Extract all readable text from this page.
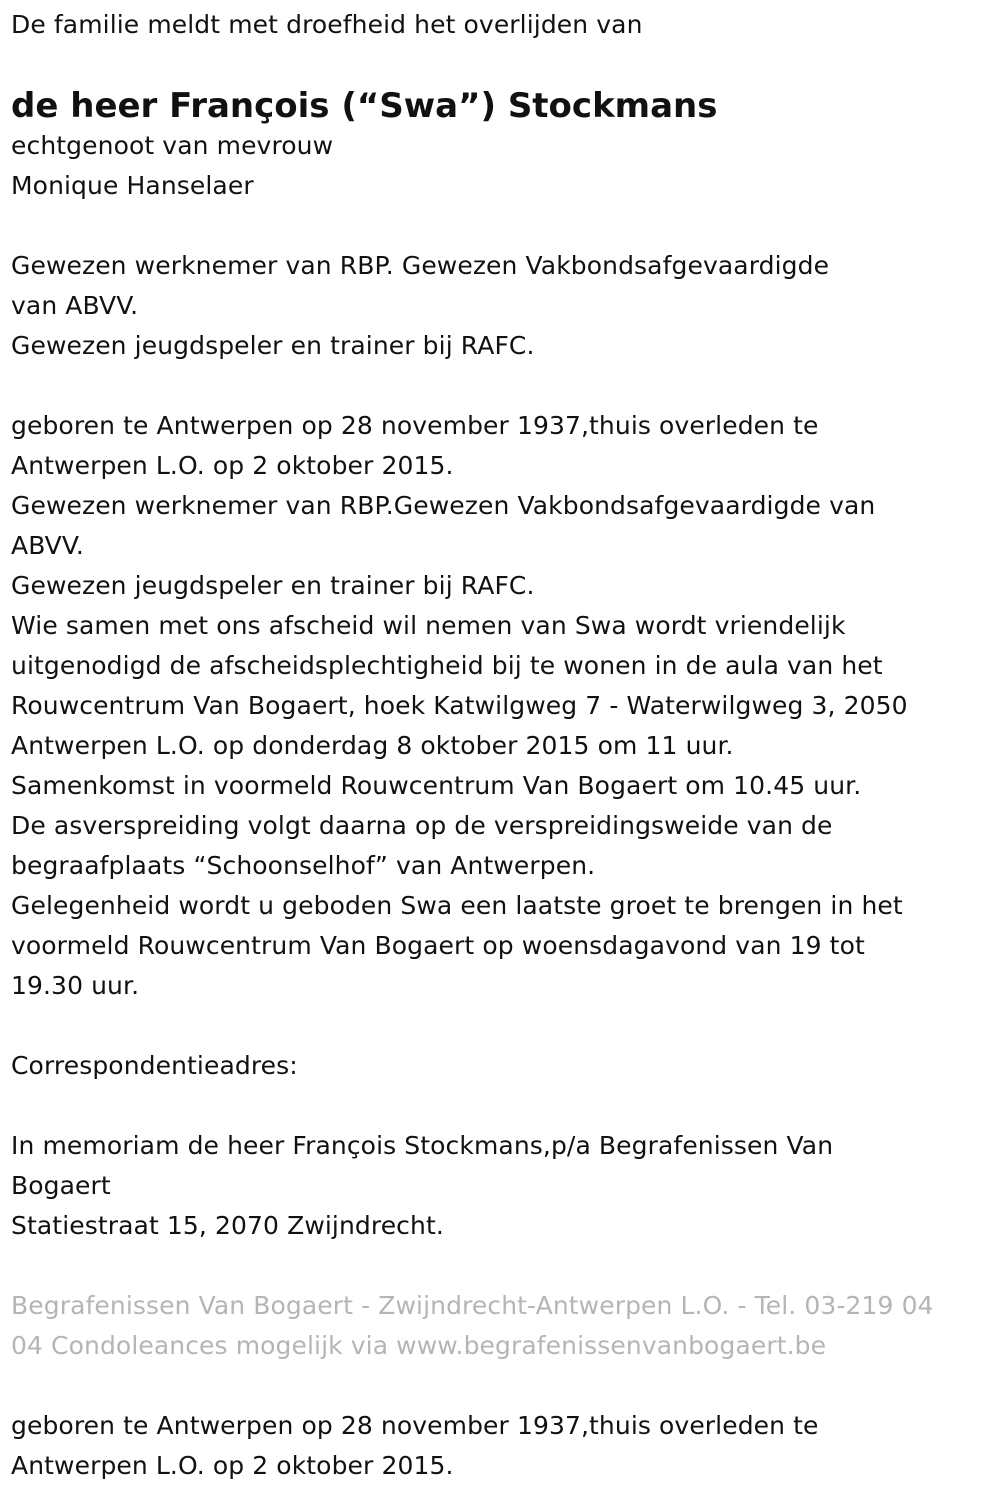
De familie meldt met droefheid het overlijden van
de heer François (“Swa”) Stockmans
echtgenoot van mevrouw
Monique Hanselaer
Gewezen werknemer van RBP. Gewezen Vakbondsafgevaardigde
van ABVV.
Gewezen jeugdspeler en trainer bij RAFC.
geboren te Antwerpen op 28 november 1937,thuis overleden te
Antwerpen L.O. op 2 oktober 2015.
Gewezen werknemer van RBP.Gewezen Vakbondsafgevaardigde van
ABVV.
Gewezen jeugdspeler en trainer bij RAFC.
Wie samen met ons afscheid wil nemen van Swa wordt vriendelijk
uitgenodigd de afscheidsplechtigheid bij te wonen in de aula van het
Rouwcentrum Van Bogaert, hoek Katwilgweg 7 - Waterwilgweg 3, 2050
Antwerpen L.O. op donderdag 8 oktober 2015 om 11 uur.
Samenkomst in voormeld Rouwcentrum Van Bogaert om 10.45 uur.
De asverspreiding volgt daarna op de verspreidingsweide van de
begraafplaats “Schoonselhof” van Antwerpen.
Gelegenheid wordt u geboden Swa een laatste groet te brengen in het
voormeld Rouwcentrum Van Bogaert op woensdagavond van 19 tot
19.30 uur.
Correspondentieadres:
In memoriam de heer François Stockmans,p/a Begrafenissen Van
Bogaert
Statiestraat 15, 2070 Zwijndrecht.
Begrafenissen Van Bogaert - Zwijndrecht-Antwerpen L.O. - Tel. 03-219 04
04 Condoleances mogelijk via www.begrafenissenvanbogaert.be
geboren te Antwerpen op 28 november 1937,thuis overleden te
Antwerpen L.O. op 2 oktober 2015.
